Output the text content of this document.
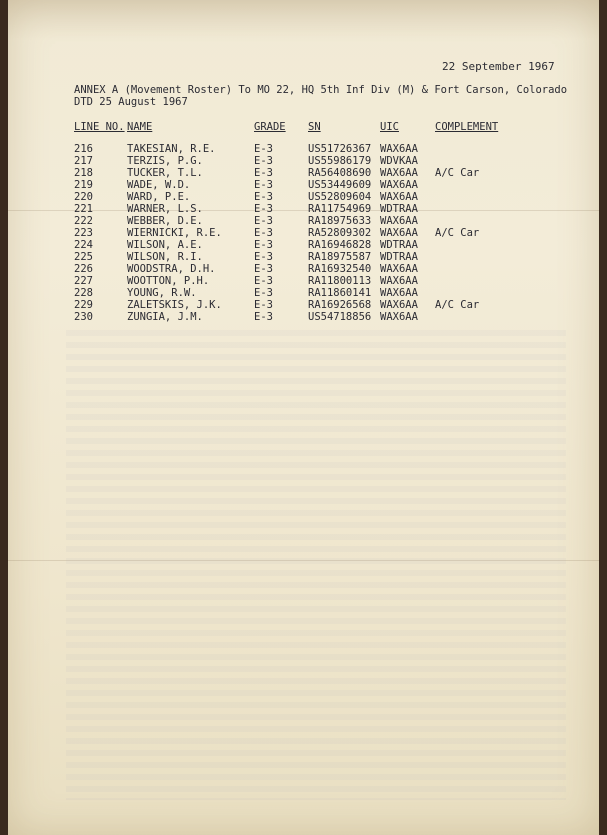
22 September 1967
ANNEX A (Movement Roster) To MO 22, HQ 5th Inf Div (M) & Fort Carson, Colorado
DTD 25 August 1967
LINE NO. NAME	GRADE SN	UIC	COMPLEMENT
216	TAKESIAN, R.E.	E-3	US51726367 WAX6AA
217	TERZIS, P.G.	E-3	US55986179 WDVKAA
218	TUCKER, T.L.	E-3	RA56408690 WAX6AA A/C Car
219	WADE, W.D.	E-3	US53449609 WAX6AA
220	WARD, P.E.	E-3	US52809604 WAX6AA
221	WARNER, L.S.	E-3	RA11754969 WDTRAA
222	WEBBER, D.E.	E-3	RA18975633 WAX6AA
223	WIERNICKI, R.E.	E-3	RA52809302 WAX6AA A/C Car
224	WILSON, A.E.	E-3	RA16946828 WDTRAA
225	WILSON, R.I.	E-3	RA18975587 WDTRAA
226	WOODSTRA, D.H.	E-3	RA16932540 WAX6AA
227	WOOTTON, P.H.	E-3	RA11800113 WAX6AA
228	YOUNG, R.W.	E-3	RA11860141 WAX6AA
229	ZALETSKIS, J.K.	E-3	RA16926568 WAX6AA A/C Car
230	ZUNGIA, J.M.	E-3	US54718856 WAX6AA
